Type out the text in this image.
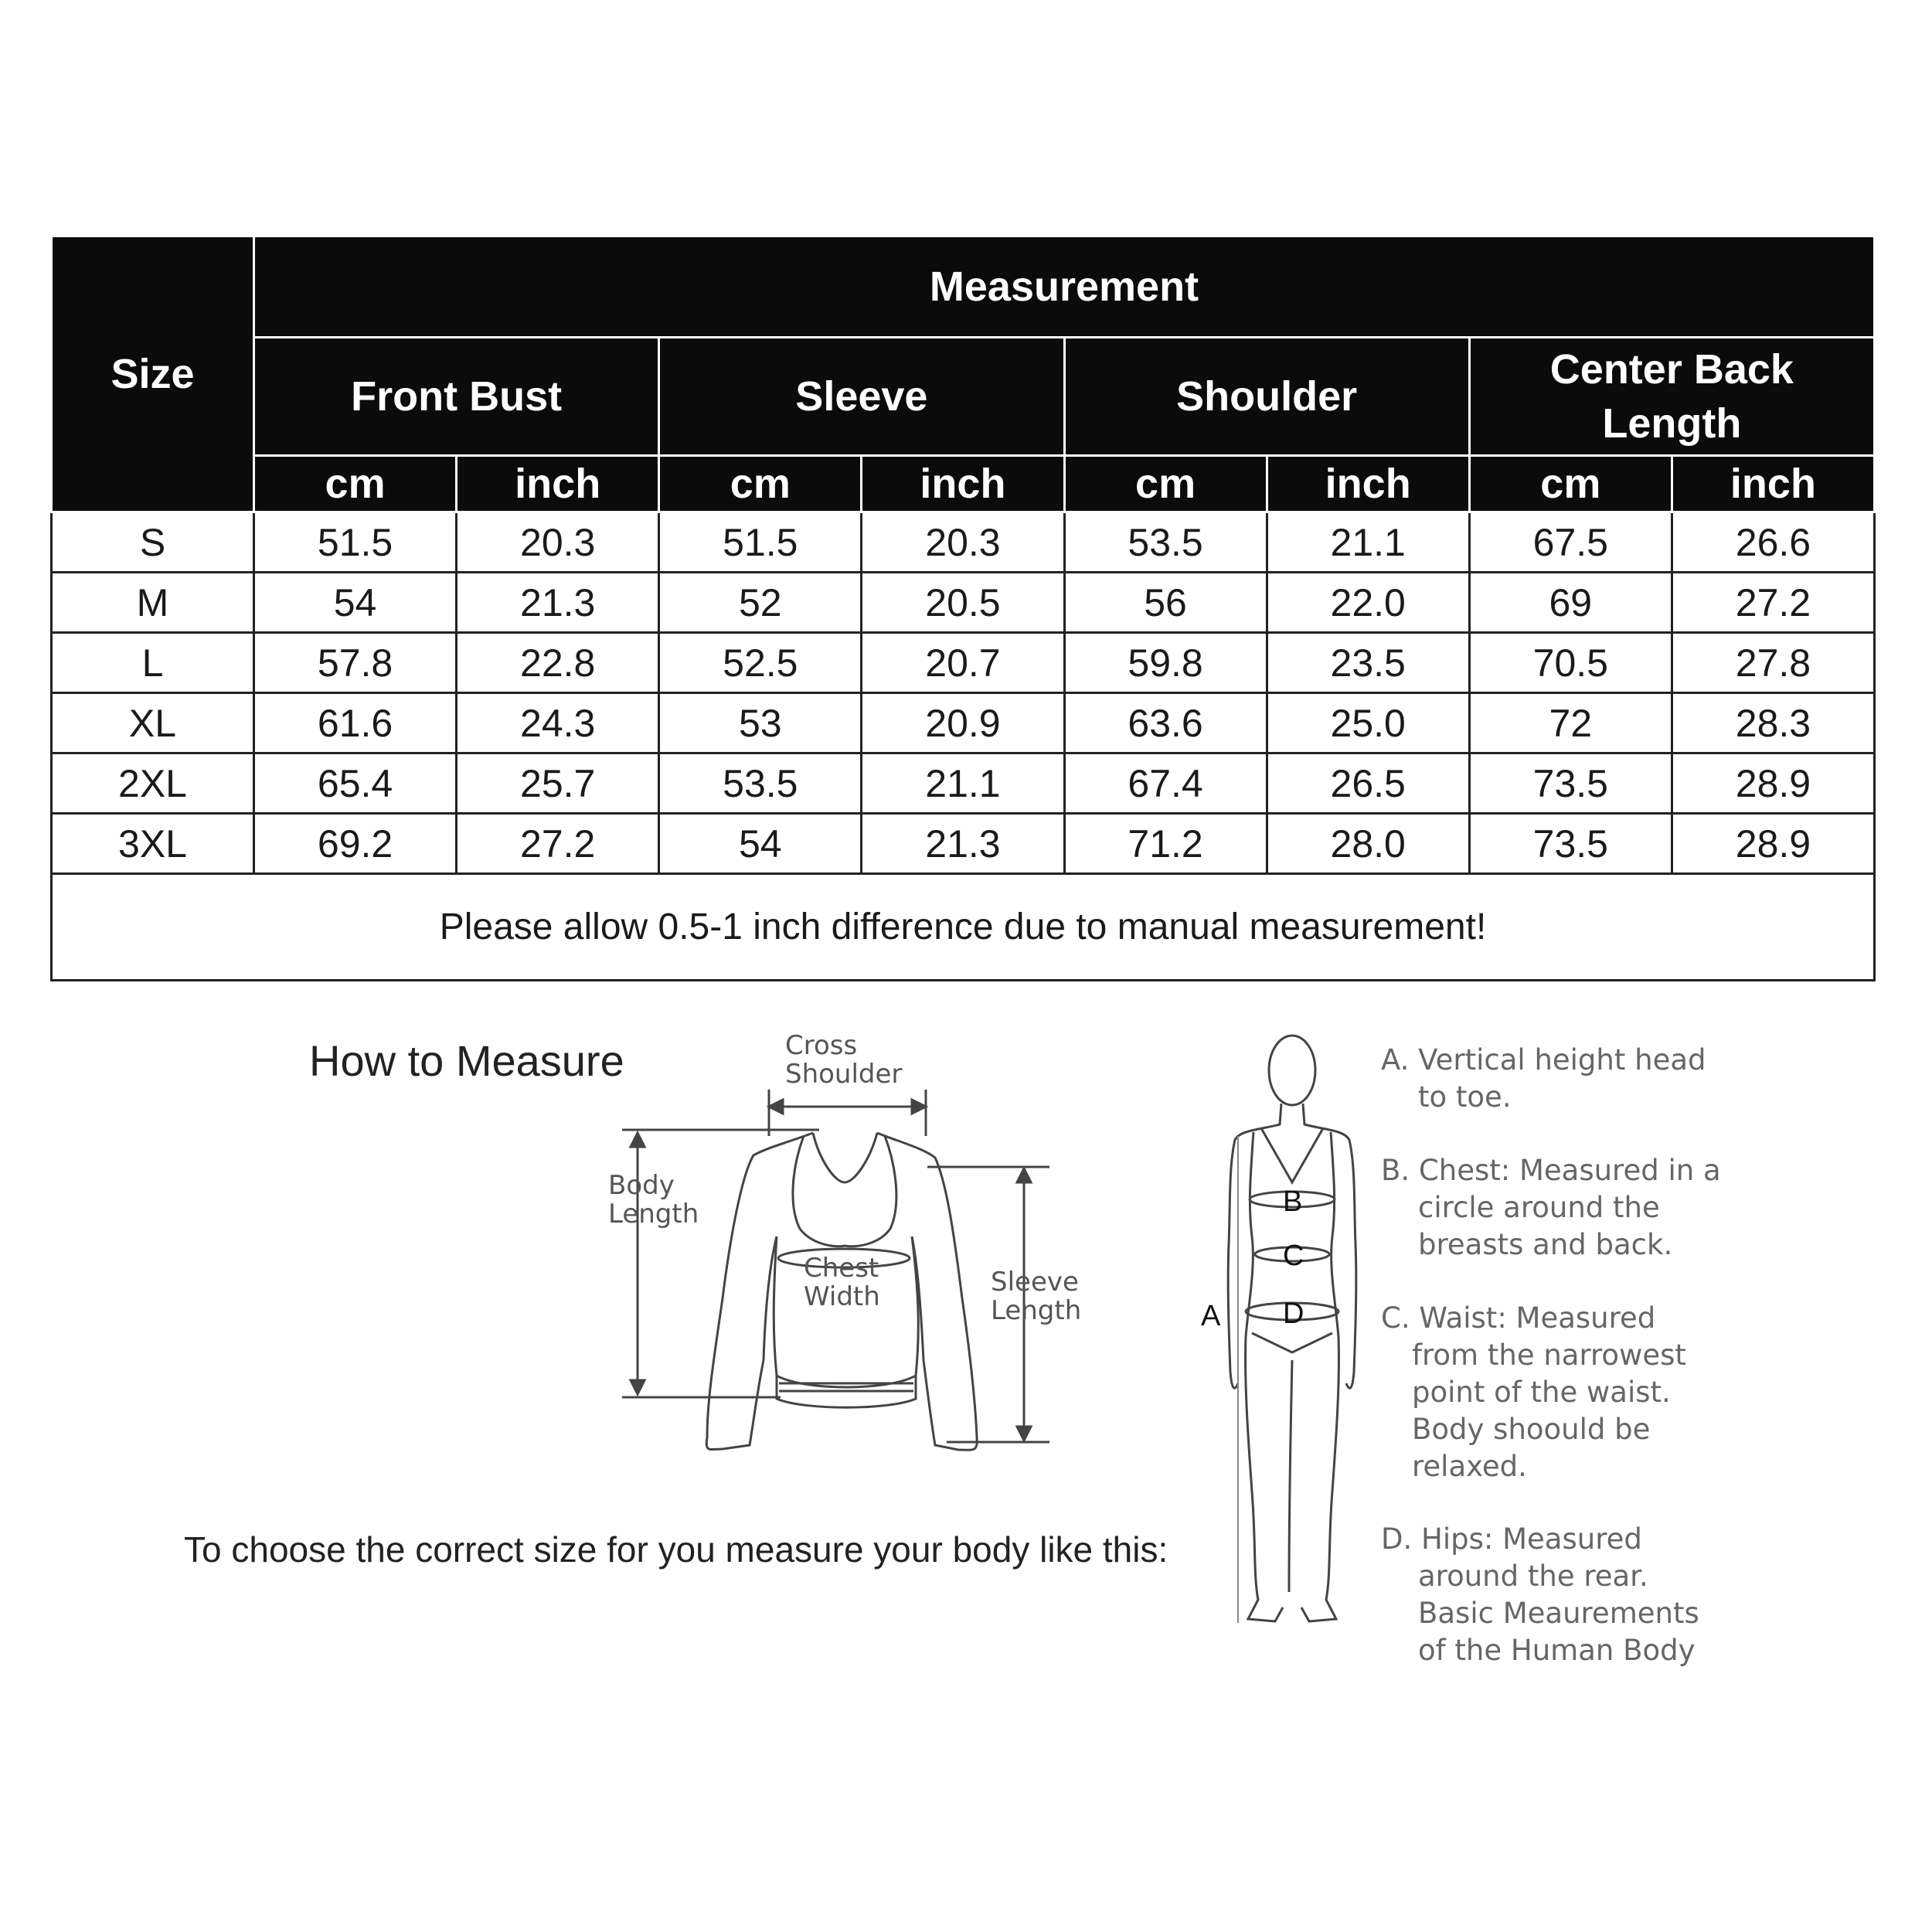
Size	Measurement							
	Front Bust		Sleeve		Shoulder		Center Back Length	
	cm	inch	cm	inch	cm	inch	cm	inch
S	51.5	20.3	51.5	20.3	53.5	21.1	67.5	26.6
M	54	21.3	52	20.5	56	22.0	69	27.2
L	57.8	22.8	52.5	20.7	59.8	23.5	70.5	27.8
XL	61.6	24.3	53	20.9	63.6	25.0	72	28.3
2XL	65.4	25.7	53.5	21.1	67.4	26.5	73.5	28.9
3XL	69.2	27.2	54	21.3	71.2	28.0	73.5	28.9
Please allow 0.5-1 inch difference due to manual measurement!								
How to Measure
To choose the correct size for you measure your body like this:
Cross
Shoulder
Body
Length
Chest
Width	Sleeve
Length
B
C
D
A
A. Vertical height head
to toe.
B. Chest: Measured in a
circle around the
breasts and back.
C. Waist: Measured
from the narrowest
point of the waist.
Body shoould be
relaxed.
D. Hips: Measured
around the rear.
Basic Meaurements
of the Human Body
